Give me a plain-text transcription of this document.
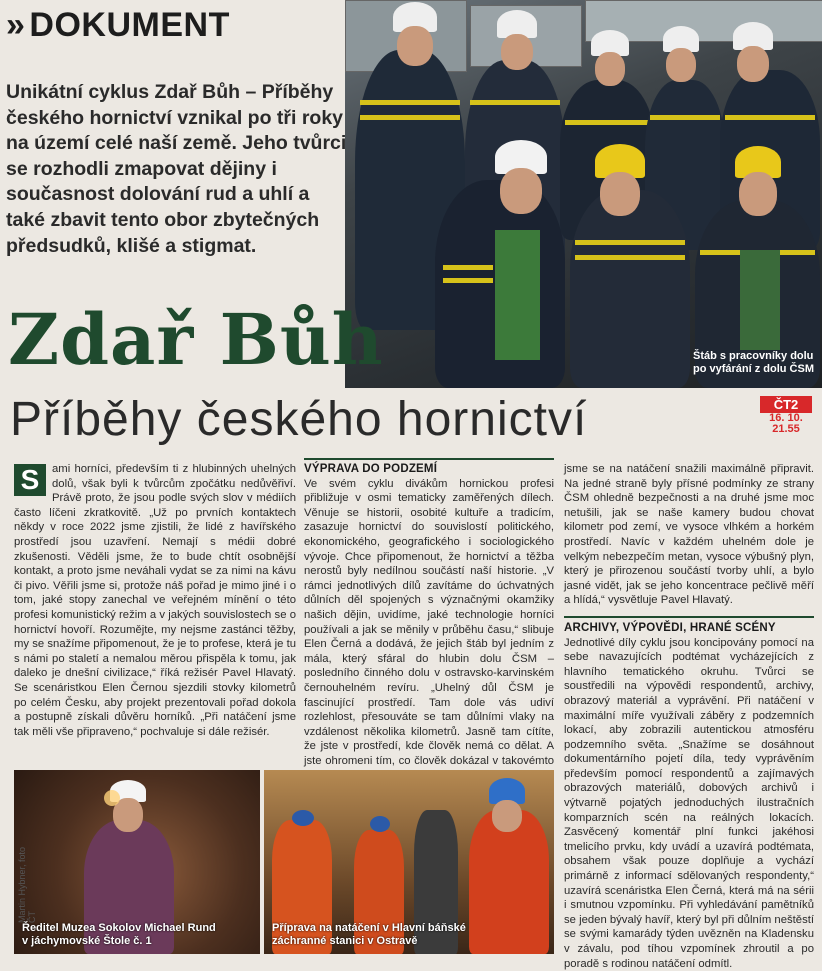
» DOKUMENT
Štáb s pracovníky dolu
po vyfárání z dolu ČSM
Unikátní cyklus Zdař Bůh – Příběhy českého hornictví vznikal po tři roky na území celé naší země. Jeho tvůrci se rozhodli zmapovat dějiny i současnost dolování rud a uhlí a také zbavit tento obor zbytečných předsudků, klišé a stigmat.
Zdař Bůh
Příběhy českého hornictví	ČT2
16. 10.
21.55
S	ami horníci, především ti z hlubinných uhelných dolů, však byli k tvůrcům zpočátku nedůvěřiví. Právě proto, že jsou podle svých slov v médiích často líčeni zkratkovitě. „Už po prvních kontaktech někdy v roce 2022 jsme zjistili, že lidé z havířského prostředí jsou uzavření. Nemají s médii dobré zkušenosti. Věděli jsme, že to bude chtít osobnější kontakt, a proto jsme neváhali vydat se za nimi na kávu či pivo. Věřili jsme si, protože náš pořad je mimo jiné i o tom, jaké stopy zanechal ve veřejném mínění o této profesi komunistický režim a v jakých souvislostech se o hornictví hovoří. Rozumějte, my nejsme zastánci těžby, my se snažíme připomenout, že je to profese, která je tu s námi po staletí a nemalou měrou přispěla k tomu, jak daleko je dnešní civilizace,“ říká režisér Pavel Hlavatý. Se scenáristkou Elen Černou sjezdili stovky kilometrů po celém Česku, aby projekt prezentovali pořad dokola a postupně získali důvěru horníků. „Při natáčení jsme tak měli vše připraveno,“ pochvaluje si dále režisér.

VÝPRAVA DO PODZEMÍ

Ve svém cyklu divákům hornickou profesi přibližuje v osmi tematicky zaměřených dílech. Věnuje se historii, osobité kultuře a tradicím, zasazuje hornictví do souvislostí politického, ekonomického, geografického i sociologického vývoje. Chce připomenout, že hornictví a těžba nerostů byly nedílnou součástí naší historie. „V rámci jednotlivých dílů zavítáme do úchvatných důlních děl spojených s význačnými okamžiky našich dějin, uvidíme, jaké technologie horníci používali a jak se měnily v průběhu času,“ slibuje Elen Černá a dodává, že jejich štáb byl jedním z mála, který sfáral do hlubin dolu ČSM – posledního činného dolu v ostravsko-karvinském černouhelném revíru. „Uhelný důl ČSM je fascinující prostředí. Tam dole vás udiví rozlehlost, přesouváte se tam důlními vlaky na vzdálenost několika kilometrů. Jasně tam cítíte, že jste v prostředí, kde člověk nemá co dělat. A jste ohromeni tím, co člověk dokázal v takovémto

jsme se na natáčení snažili maximálně připravit. Na jedné straně byly přísné podmínky ze strany ČSM ohledně bezpečnosti a na druhé jsme moc netušili, jak se naše kamery budou chovat kilometr pod zemí, ve vysoce vlhkém a horkém prostředí. Navíc v každém uhelném dole je velkým nebezpečím metan, vysoce výbušný plyn, který je přirozenou součástí tvorby uhlí, a bylo jasné vidět, jak se jeho koncentrace pečlivě měří a hlídá,“ vysvětluje Pavel Hlavatý.

ARCHIVY, VÝPOVĚDI, HRANÉ SCÉNY

Jednotlivé díly cyklu jsou koncipovány pomocí na sebe navazujících podtémat vycházejících z hlavního tematického okruhu. Tvůrci se soustředili na výpovědi respondentů, archivy, obrazový materiál a vyprávění. Při natáčení v maximální míře využívali záběry z podzemních lokací, aby zobrazili autentickou atmosféru podzemního světa. „Snažíme se dosáhnout dokumentárního pojetí díla, tedy vyprávěním především pomocí respondentů a zajímavých obrazových materiálů, dobových archivů i výtvarně pojatých jednoduchých ilustračních komparzních scén na reálných lokacích. Zasvěcený komentář plní funkci jakéhosi tmelicího prvku, kdy uvádí a uzavírá podtémata, obsahem však pouze doplňuje a vychází primárně z informací sdělovaných respondenty,“ uzavírá scenáristka Elen Černá, která má na sérii i smutnou vzpomínku. Při vyhledávání pamětníků se jeden bývalý havíř, který byl při důlním neštěstí se svými kamarády týden uvězněn na Kladensku v závalu, pod tíhou vzpomínek zhroutil a po poradě s rodinou natáčení odmítl.

Ředitel Muzea Sokolov Michael Rund
v jáchymovské Štole č. 1
Příprava na natáčení v Hlavní báňské
záchranné stanici v Ostravě
Martin Hybner, foto ČT
